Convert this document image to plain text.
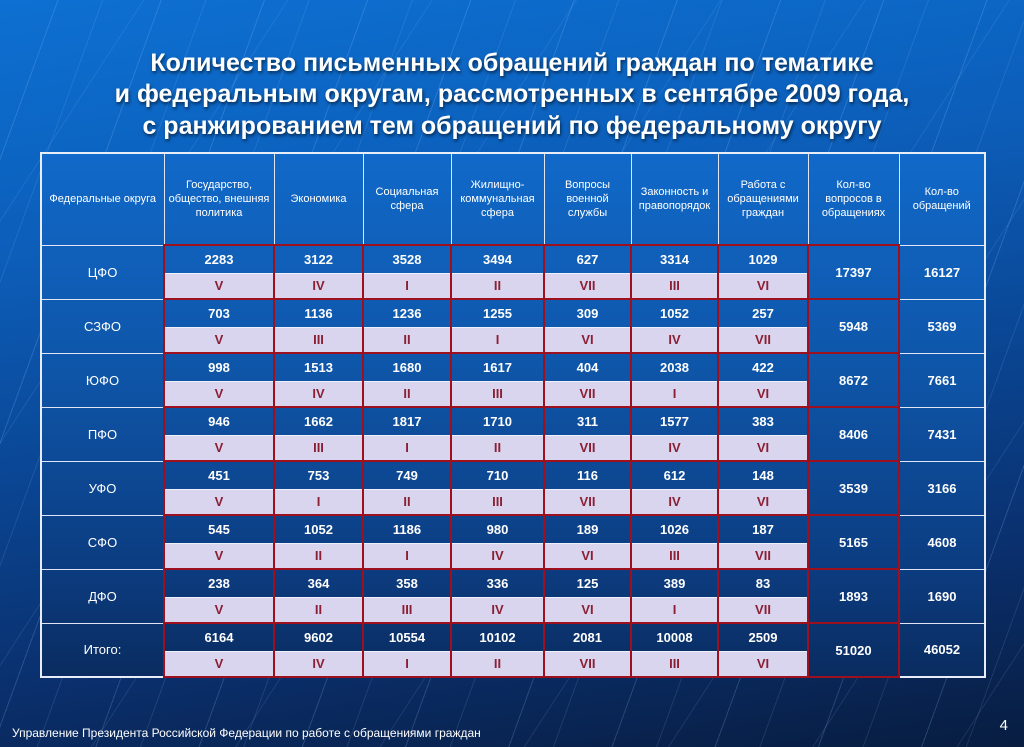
Количество письменных обращений граждан по тематике
и федеральным округам, рассмотренных в сентябре 2009 года,
с ранжированием тем обращений по федеральному округу
Федеральные округа	Государство, общество, внешняя политика	Экономика	Социальная сфера	Жилищно-коммунальная сфера	Вопросы военной службы	Законность и правопорядок	Работа с обращениями граждан	Кол-во вопросов в обращениях	Кол-во обращений
ЦФО	2283	3122	3528	3494	627	3314	1029	17397	16127
	V	IV	I	II	VII	III	VI		
СЗФО	703	1136	1236	1255	309	1052	257	5948	5369
	V	III	II	I	VI	IV	VII		
ЮФО	998	1513	1680	1617	404	2038	422	8672	7661
	V	IV	II	III	VII	I	VI		
ПФО	946	1662	1817	1710	311	1577	383	8406	7431
	V	III	I	II	VII	IV	VI		
УФО	451	753	749	710	116	612	148	3539	3166
	V	I	II	III	VII	IV	VI		
СФО	545	1052	1186	980	189	1026	187	5165	4608
	V	II	I	IV	VI	III	VII		
ДФО	238	364	358	336	125	389	83	1893	1690
	V	II	III	IV	VI	I	VII		
Итого:	6164	9602	10554	10102	2081	10008	2509	51020	46052
	V	IV	I	II	VII	III	VI		
Управление Президента Российской Федерации по работе с обращениями граждан	4
